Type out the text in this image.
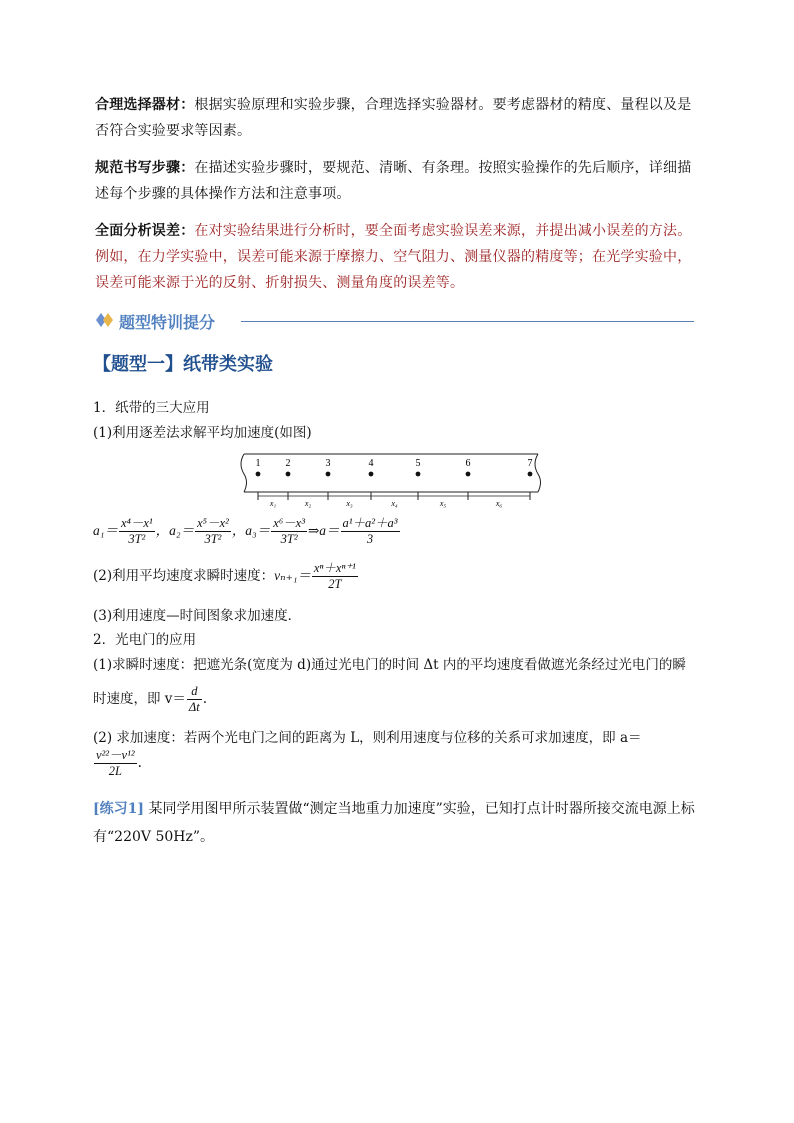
合理选择器材：根据实验原理和实验步骤，合理选择实验器材。要考虑器材的精度、量程以及是否符合实验要求等因素。
规范书写步骤：在描述实验步骤时，要规范、清晰、有条理。按照实验操作的先后顺序，详细描述每个步骤的具体操作方法和注意事项。
全面分析误差：在对实验结果进行分析时，要全面考虑实验误差来源，并提出减小误差的方法。例如，在力学实验中，误差可能来源于摩擦力、空气阻力、测量仪器的精度等；在光学实验中，误差可能来源于光的反射、折射损失、测量角度的误差等。
题型特训提分
【题型一】纸带类实验
1．纸带的三大应用
(1)利用逐差法求解平均加速度(如图)
1	2	3	4	5	6	7
x₁	x₂	x₃	x₄	x₅	x₆
$a_1= \frac{\text{x⁴－x¹}}{\text{3T²}}$ ，$a_2= \frac{\text{x⁵－x²}}{\text{3T²}}$ ，$a_3= \frac{\text{x⁶－x³}}{\text{3T²}}$ ⇒a＝ $\frac{\text{a¹＋a²＋a³}}{3}$
(2)利用平均速度求瞬时速度：$v_{n+1}= \frac{\text{xⁿ＋xⁿ⁺¹}}{2T}$
(3)利用速度—时间图象求加速度．
2．光电门的应用
(1)求瞬时速度：把遮光条(宽度为 d)通过光电门的时间 Δt 内的平均速度看做遮光条经过光电门的瞬
时速度，即 $v= \frac{d}{\Delta t}$ .
(2) 求加速度：若两个光电门之间的距离为 L，则利用速度与位移的关系可求加速度，即 a＝
$\frac{\text{v²²－v¹²}}{2L}$ .
[练习1] 某同学用图甲所示装置做“测定当地重力加速度”实验，已知打点计时器所接交流电源上标有“220V 50Hz”。
